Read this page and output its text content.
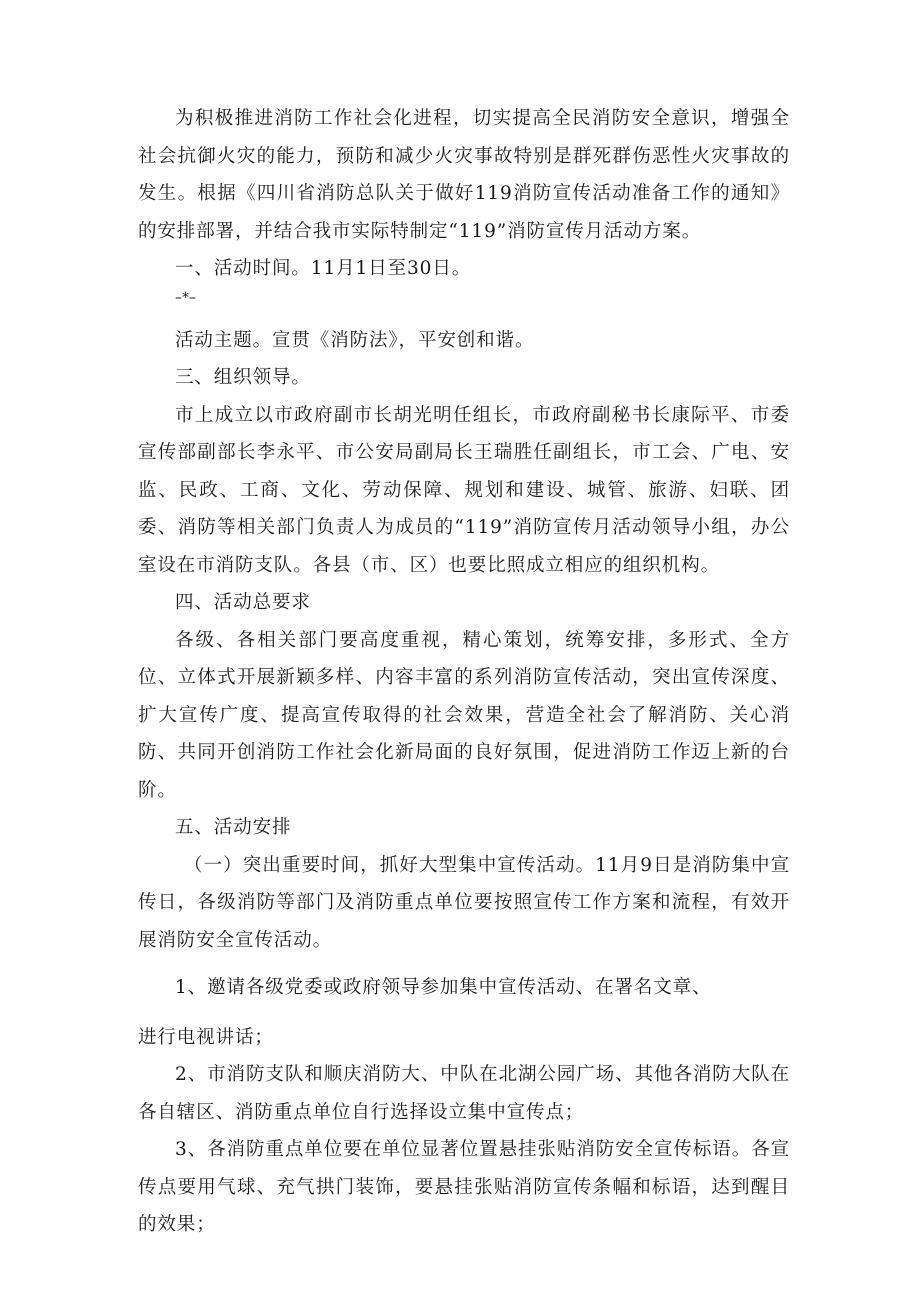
为积极推进消防工作社会化进程，切实提高全民消防安全意识，增强全社会抗御火灾的能力，预防和减少火灾事故特别是群死群伤恶性火灾事故的发生。根据《四川省消防总队关于做好119消防宣传活动准备工作的通知》的安排部署，并结合我市实际特制定“119”消防宣传月活动方案。

一、活动时间。11月1日至30日。

–*–

活动主题。宣贯《消防法》，平安创和谐。

三、组织领导。

市上成立以市政府副市长胡光明任组长，市政府副秘书长康际平、市委宣传部副部长李永平、市公安局副局长王瑞胜任副组长，市工会、广电、安监、民政、工商、文化、劳动保障、规划和建设、城管、旅游、妇联、团委、消防等相关部门负责人为成员的“119”消防宣传月活动领导小组，办公室设在市消防支队。各县（市、区）也要比照成立相应的组织机构。

四、活动总要求

各级、各相关部门要高度重视，精心策划，统筹安排，多形式、全方位、立体式开展新颖多样、内容丰富的系列消防宣传活动，突出宣传深度、扩大宣传广度、提高宣传取得的社会效果，营造全社会了解消防、关心消防、共同开创消防工作社会化新局面的良好氛围，促进消防工作迈上新的台阶。

五、活动安排

（一）突出重要时间，抓好大型集中宣传活动。11月9日是消防集中宣传日，各级消防等部门及消防重点单位要按照宣传工作方案和流程，有效开展消防安全宣传活动。

1、邀请各级党委或政府领导参加集中宣传活动、在署名文章、

进行电视讲话；

2、市消防支队和顺庆消防大、中队在北湖公园广场、其他各消防大队在各自辖区、消防重点单位自行选择设立集中宣传点；

3、各消防重点单位要在单位显著位置悬挂张贴消防安全宣传标语。各宣传点要用气球、充气拱门装饰，要悬挂张贴消防宣传条幅和标语，达到醒目的效果；
